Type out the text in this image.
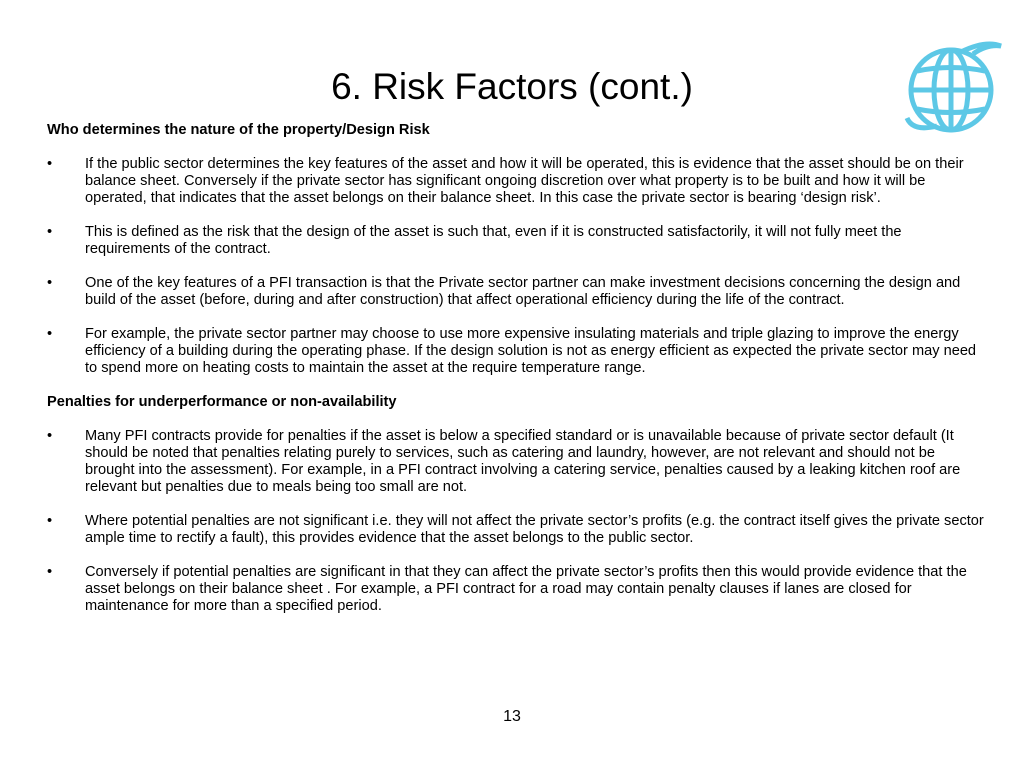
6. Risk Factors (cont.)

Who determines the nature of the property/Design Risk

• If the public sector determines the key features of the asset and how it will be operated, this is evidence that the asset should be on their balance sheet. Conversely if the private sector has significant ongoing discretion over what property is to be built and how it will be operated, that indicates that the asset belongs on their balance sheet. In this case the private sector is bearing ‘design risk’.
• This is defined as the risk that the design of the asset is such that, even if it is constructed satisfactorily, it will not fully meet the requirements of the contract.
• One of the key features of a PFI transaction is that the Private sector partner can make investment decisions concerning the design and build of the asset (before, during and after construction) that affect operational efficiency during the life of the contract.
• For example, the private sector partner may choose to use more expensive insulating materials and triple glazing to improve the energy efficiency of a building during the operating phase. If the design solution is not as energy efficient as expected the private sector may need to spend more on heating costs to maintain the asset at the require temperature range.

Penalties for underperformance or non-availability

• Many PFI contracts provide for penalties if the asset is below a specified standard or is unavailable because of private sector default (It should be noted that penalties relating purely to services, such as catering and laundry, however, are not relevant and should not be brought into the assessment). For example, in a PFI contract involving a catering service, penalties caused by a leaking kitchen roof are relevant but penalties due to meals being too small are not.
• Where potential penalties are not significant i.e. they will not affect the private sector’s profits (e.g. the contract itself gives the private sector ample time to rectify a fault), this provides evidence that the asset belongs to the public sector.
• Conversely if potential penalties are significant in that they can affect the private sector’s profits then this would provide evidence that the asset belongs on their balance sheet . For example, a PFI contract for a road may contain penalty clauses if lanes are closed for maintenance for more than a specified period.
13
